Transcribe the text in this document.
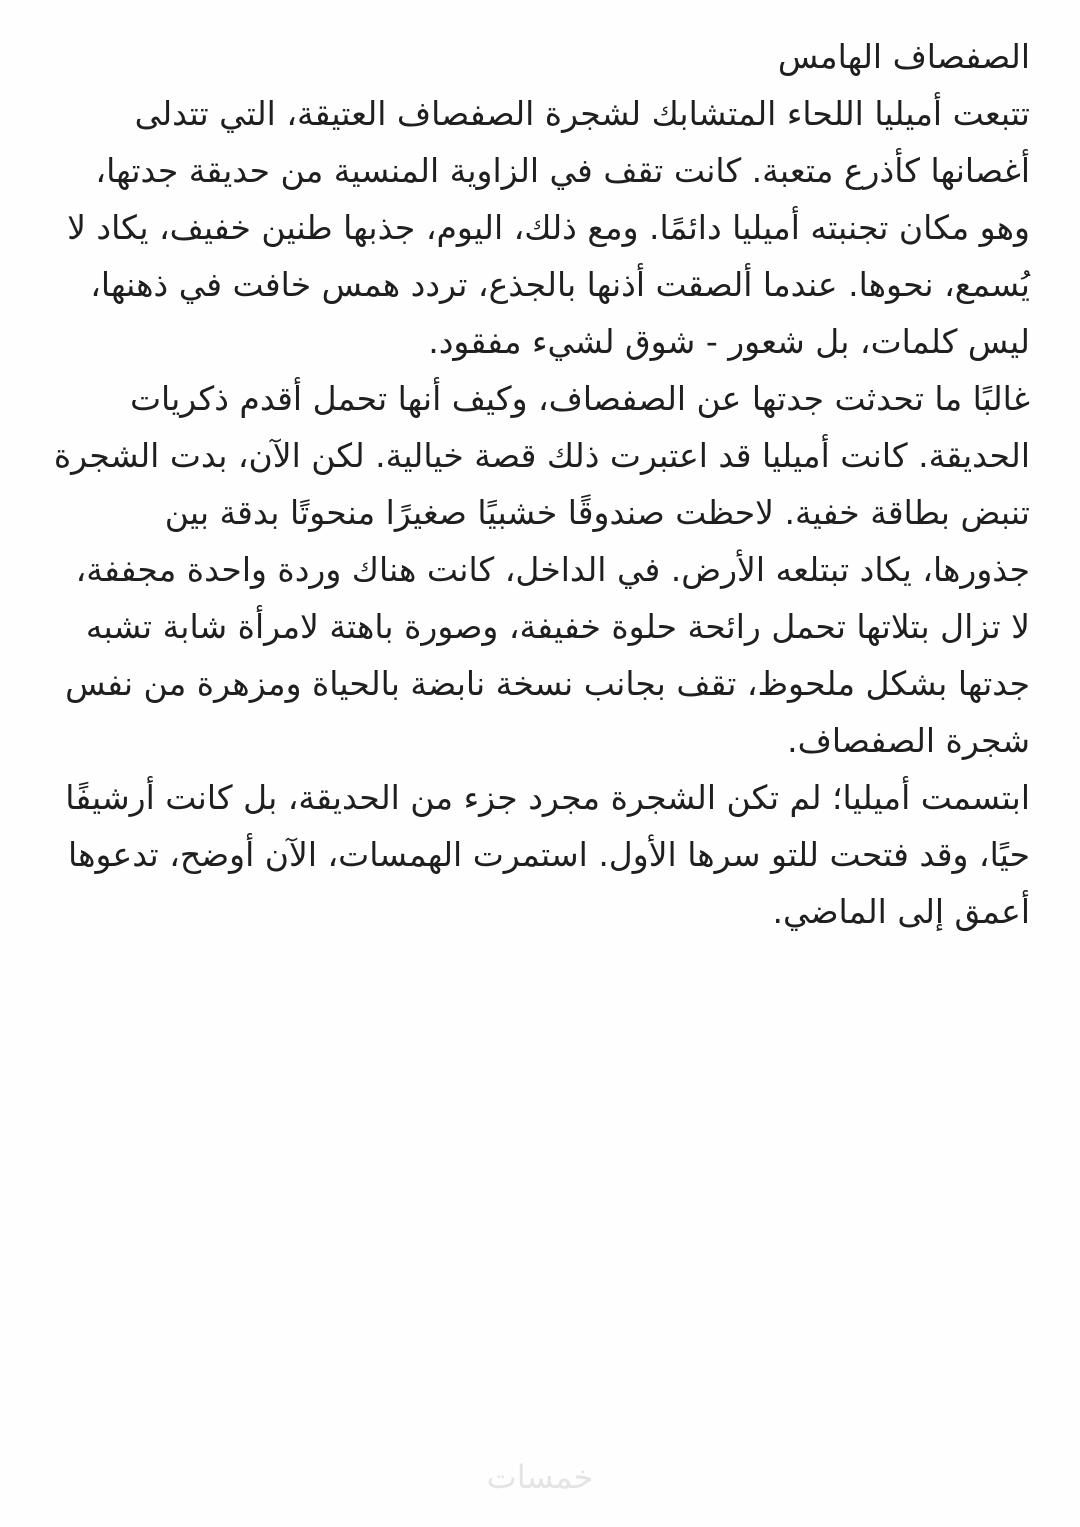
الصفصاف الهامس

تتبعت أميليا اللحاء المتشابك لشجرة الصفصاف العتيقة، التي تتدلى أغصانها كأذرع متعبة. كانت تقف في الزاوية المنسية من حديقة جدتها، وهو مكان تجنبته أميليا دائمًا. ومع ذلك، اليوم، جذبها طنين خفيف، يكاد لا يُسمع، نحوها. عندما ألصقت أذنها بالجذع، تردد همس خافت في ذهنها، ليس كلمات، بل شعور - شوق لشيء مفقود.

غالبًا ما تحدثت جدتها عن الصفصاف، وكيف أنها تحمل أقدم ذكريات الحديقة. كانت أميليا قد اعتبرت ذلك قصة خيالية. لكن الآن، بدت الشجرة تنبض بطاقة خفية. لاحظت صندوقًا خشبيًا صغيرًا منحوتًا بدقة بين جذورها، يكاد تبتلعه الأرض. في الداخل، كانت هناك وردة واحدة مجففة، لا تزال بتلاتها تحمل رائحة حلوة خفيفة، وصورة باهتة لامرأة شابة تشبه جدتها بشكل ملحوظ، تقف بجانب نسخة نابضة بالحياة ومزهرة من نفس شجرة الصفصاف.

ابتسمت أميليا؛ لم تكن الشجرة مجرد جزء من الحديقة، بل كانت أرشيفًا حيًا، وقد فتحت للتو سرها الأول. استمرت الهمسات، الآن أوضح، تدعوها أعمق إلى الماضي.

خمسات
